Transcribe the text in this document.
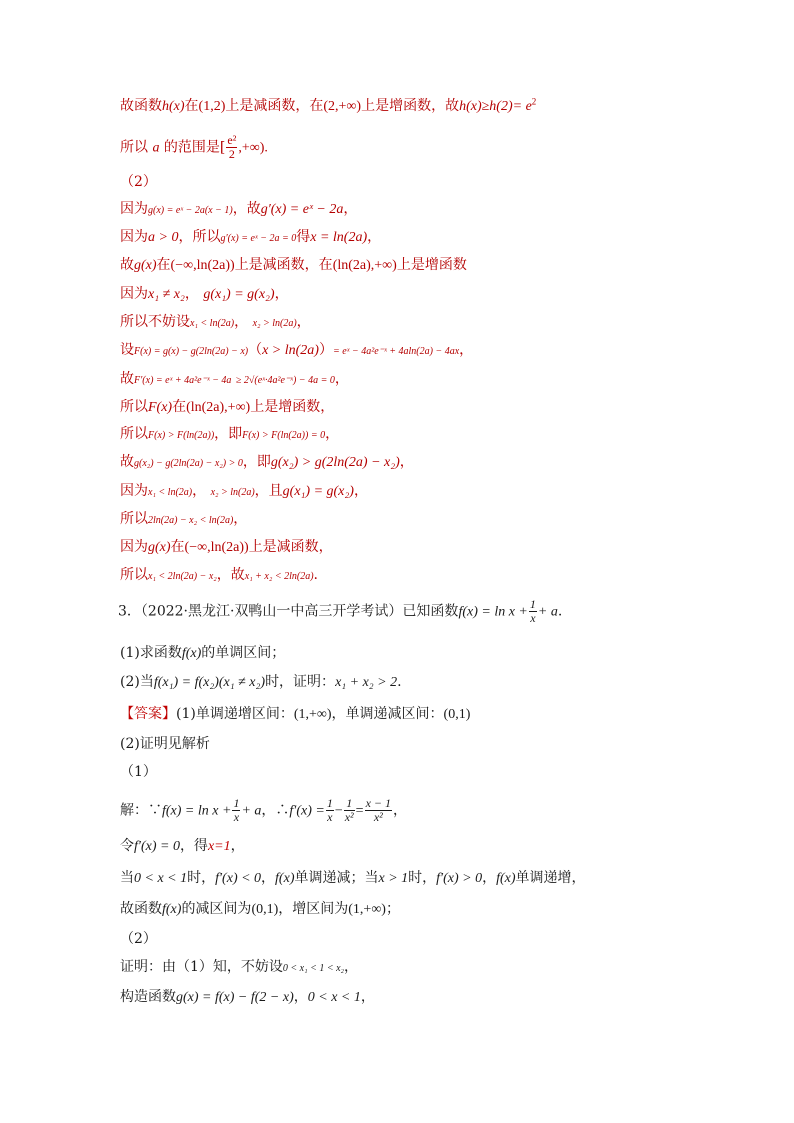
故函数h(x)在(1,2)上是减函数，在(2,+∞)上是增函数，故$h(x)\ge h(2)= e^2$
所以 a 的范围是[ $\frac{\text{e²}}{2}$ ,+∞).
（2）
因为g(x) = eˣ − 2a(x − 1)，故g′(x) = eˣ − 2a，
因为a > 0，所以g′(x) = eˣ − 2a = 0得x = ln(2a)，
故g(x)在(−∞,ln(2a))上是减函数，在(ln(2a),+∞)上是增函数
因为x₁ ≠ x₂， g(x₁) = g(x₂)，
所以不妨设x₁ < ln(2a)， x₂ > ln(2a)，
设F(x) = g(x) − g(2ln(2a) − x)（x > ln(2a)）= eˣ − 4a²e⁻ˣ + 4aln(2a) − 4ax，
故F′(x) = eˣ + 4a²e⁻ˣ − 4a ≥ 2√(eˣ·4a²e⁻ˣ) − 4a = 0，
所以F(x)在(ln(2a),+∞)上是增函数，
所以F(x) > F(ln(2a))，即F(x) > F(ln(2a)) = 0，
故g(x₂) − g(2ln(2a) − x₂) > 0，即g(x₂) > g(2ln(2a) − x₂)，
因为x₁ < ln(2a)， x₂ > ln(2a)，且g(x₁) = g(x₂)，
所以2ln(2a) − x₂ < ln(2a)，
因为g(x)在(−∞,ln(2a))上是减函数，
所以x₁ < 2ln(2a) − x₂，故x₁ + x₂ < 2ln(2a).
3．（2022·黑龙江·双鸭山一中高三开学考试）已知函数$f(x) = \ln x + \frac{1}{x} + a$.
(1)求函数f(x)的单调区间；
(2)当f(x₁) = f(x₂)(x₁ ≠ x₂)时，证明：x₁ + x₂ > 2.
【答案】(1)单调递增区间：(1,+∞)，单调递减区间：(0,1)
(2)证明见解析
（1）
解：∵f(x) = $\ln x + \frac{1}{x} + a$，∴f′(x) = $\frac{1}{x} - \frac{1}{\text{x²}} = \frac{x - 1}{\text{x²}}$ ，
令f′(x) = 0，得x=1，
当0 < x < 1时，f′(x) < 0，f(x)单调递减；当x > 1时，f′(x) > 0，f(x)单调递增，
故函数f(x)的减区间为(0,1)，增区间为(1,+∞)；
（2）
证明：由（1）知，不妨设0 < x₁ < 1 < x₂，
构造函数g(x) = f(x) − f(2 − x)，0 < x < 1，
